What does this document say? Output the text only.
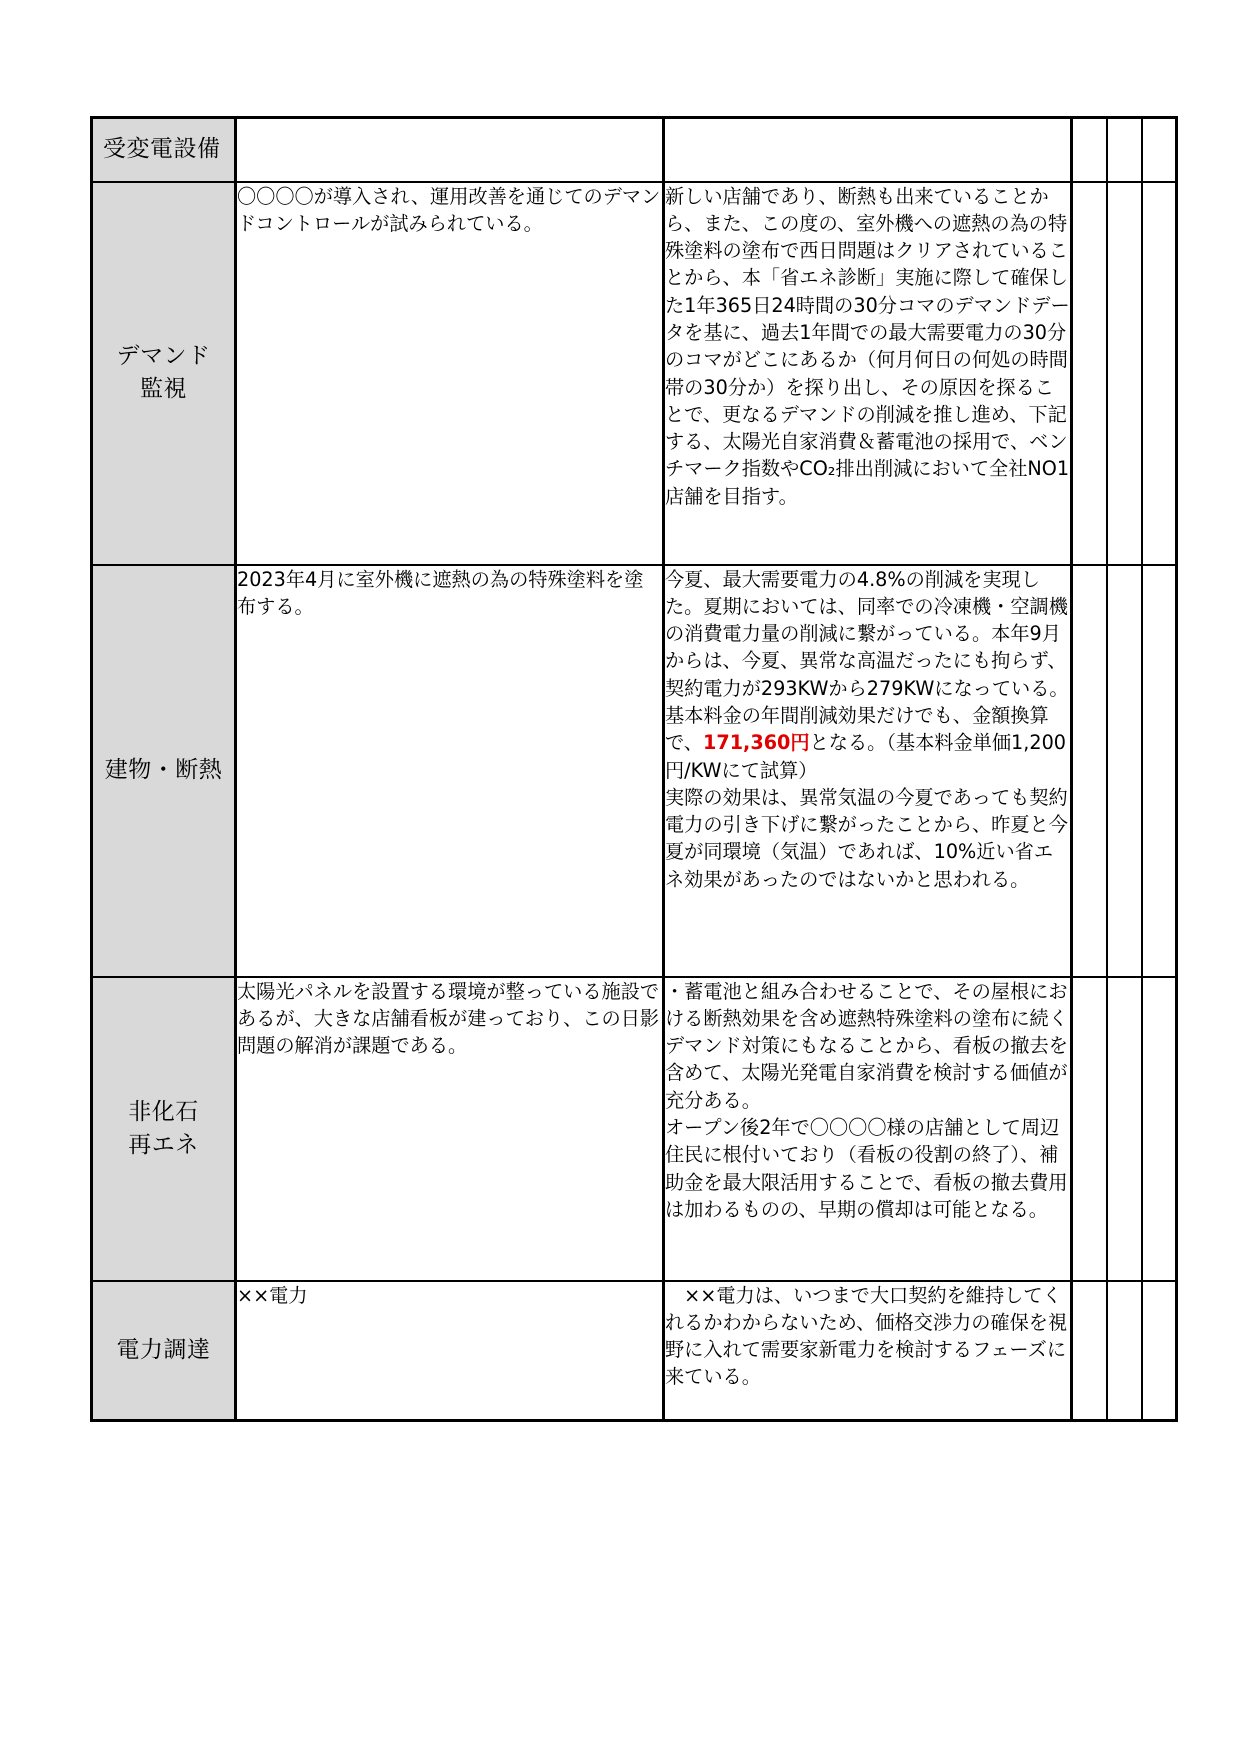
受変電設備					

デマンド
監視	〇〇〇〇が導入され、運用改善を通じてのデマンドコントロールが試みられている。	新しい店舗であり、断熱も出来ていることから、また、この度の、室外機への遮熱の為の特殊塗料の塗布で西日問題はクリアされていることから、本「省エネ診断」実施に際して確保した1年365日24時間の30分コマのデマンドデータを基に、過去1年間での最大需要電力の30分のコマがどこにあるか（何月何日の何処の時間帯の30分か）を探り出し、その原因を探ることで、更なるデマンドの削減を推し進め、下記する、太陽光自家消費＆蓄電池の採用で、ベンチマーク指数やCO₂排出削減において全社NO1店舗を目指す。			

建物・断熱	2023年4月に室外機に遮熱の為の特殊塗料を塗布する。	今夏、最大需要電力の4.8%の削減を実現した。夏期においては、同率での冷凍機・空調機の消費電力量の削減に繋がっている。本年9月からは、今夏、異常な高温だったにも拘らず、契約電力が293KWから279KWになっている。
基本料金の年間削減効果だけでも、金額換算で、171,360円となる。（基本料金単価1,200円/KWにて試算）
実際の効果は、異常気温の今夏であっても契約電力の引き下げに繋がったことから、昨夏と今夏が同環境（気温）であれば、10%近い省エネ効果があったのではないかと思われる。			

非化石
再エネ	太陽光パネルを設置する環境が整っている施設であるが、大きな店舗看板が建っており、この日影問題の解消が課題である。	・蓄電池と組み合わせることで、その屋根における断熱効果を含め遮熱特殊塗料の塗布に続くデマンド対策にもなることから、看板の撤去を含めて、太陽光発電自家消費を検討する価値が充分ある。
オープン後2年で〇〇〇〇様の店舗として周辺住民に根付いており（看板の役割の終了）、補助金を最大限活用することで、看板の撤去費用は加わるものの、早期の償却は可能となる。			

電力調達	××電力	　××電力は、いつまで大口契約を維持してくれるかわからないため、価格交渉力の確保を視野に入れて需要家新電力を検討するフェーズに来ている。			
